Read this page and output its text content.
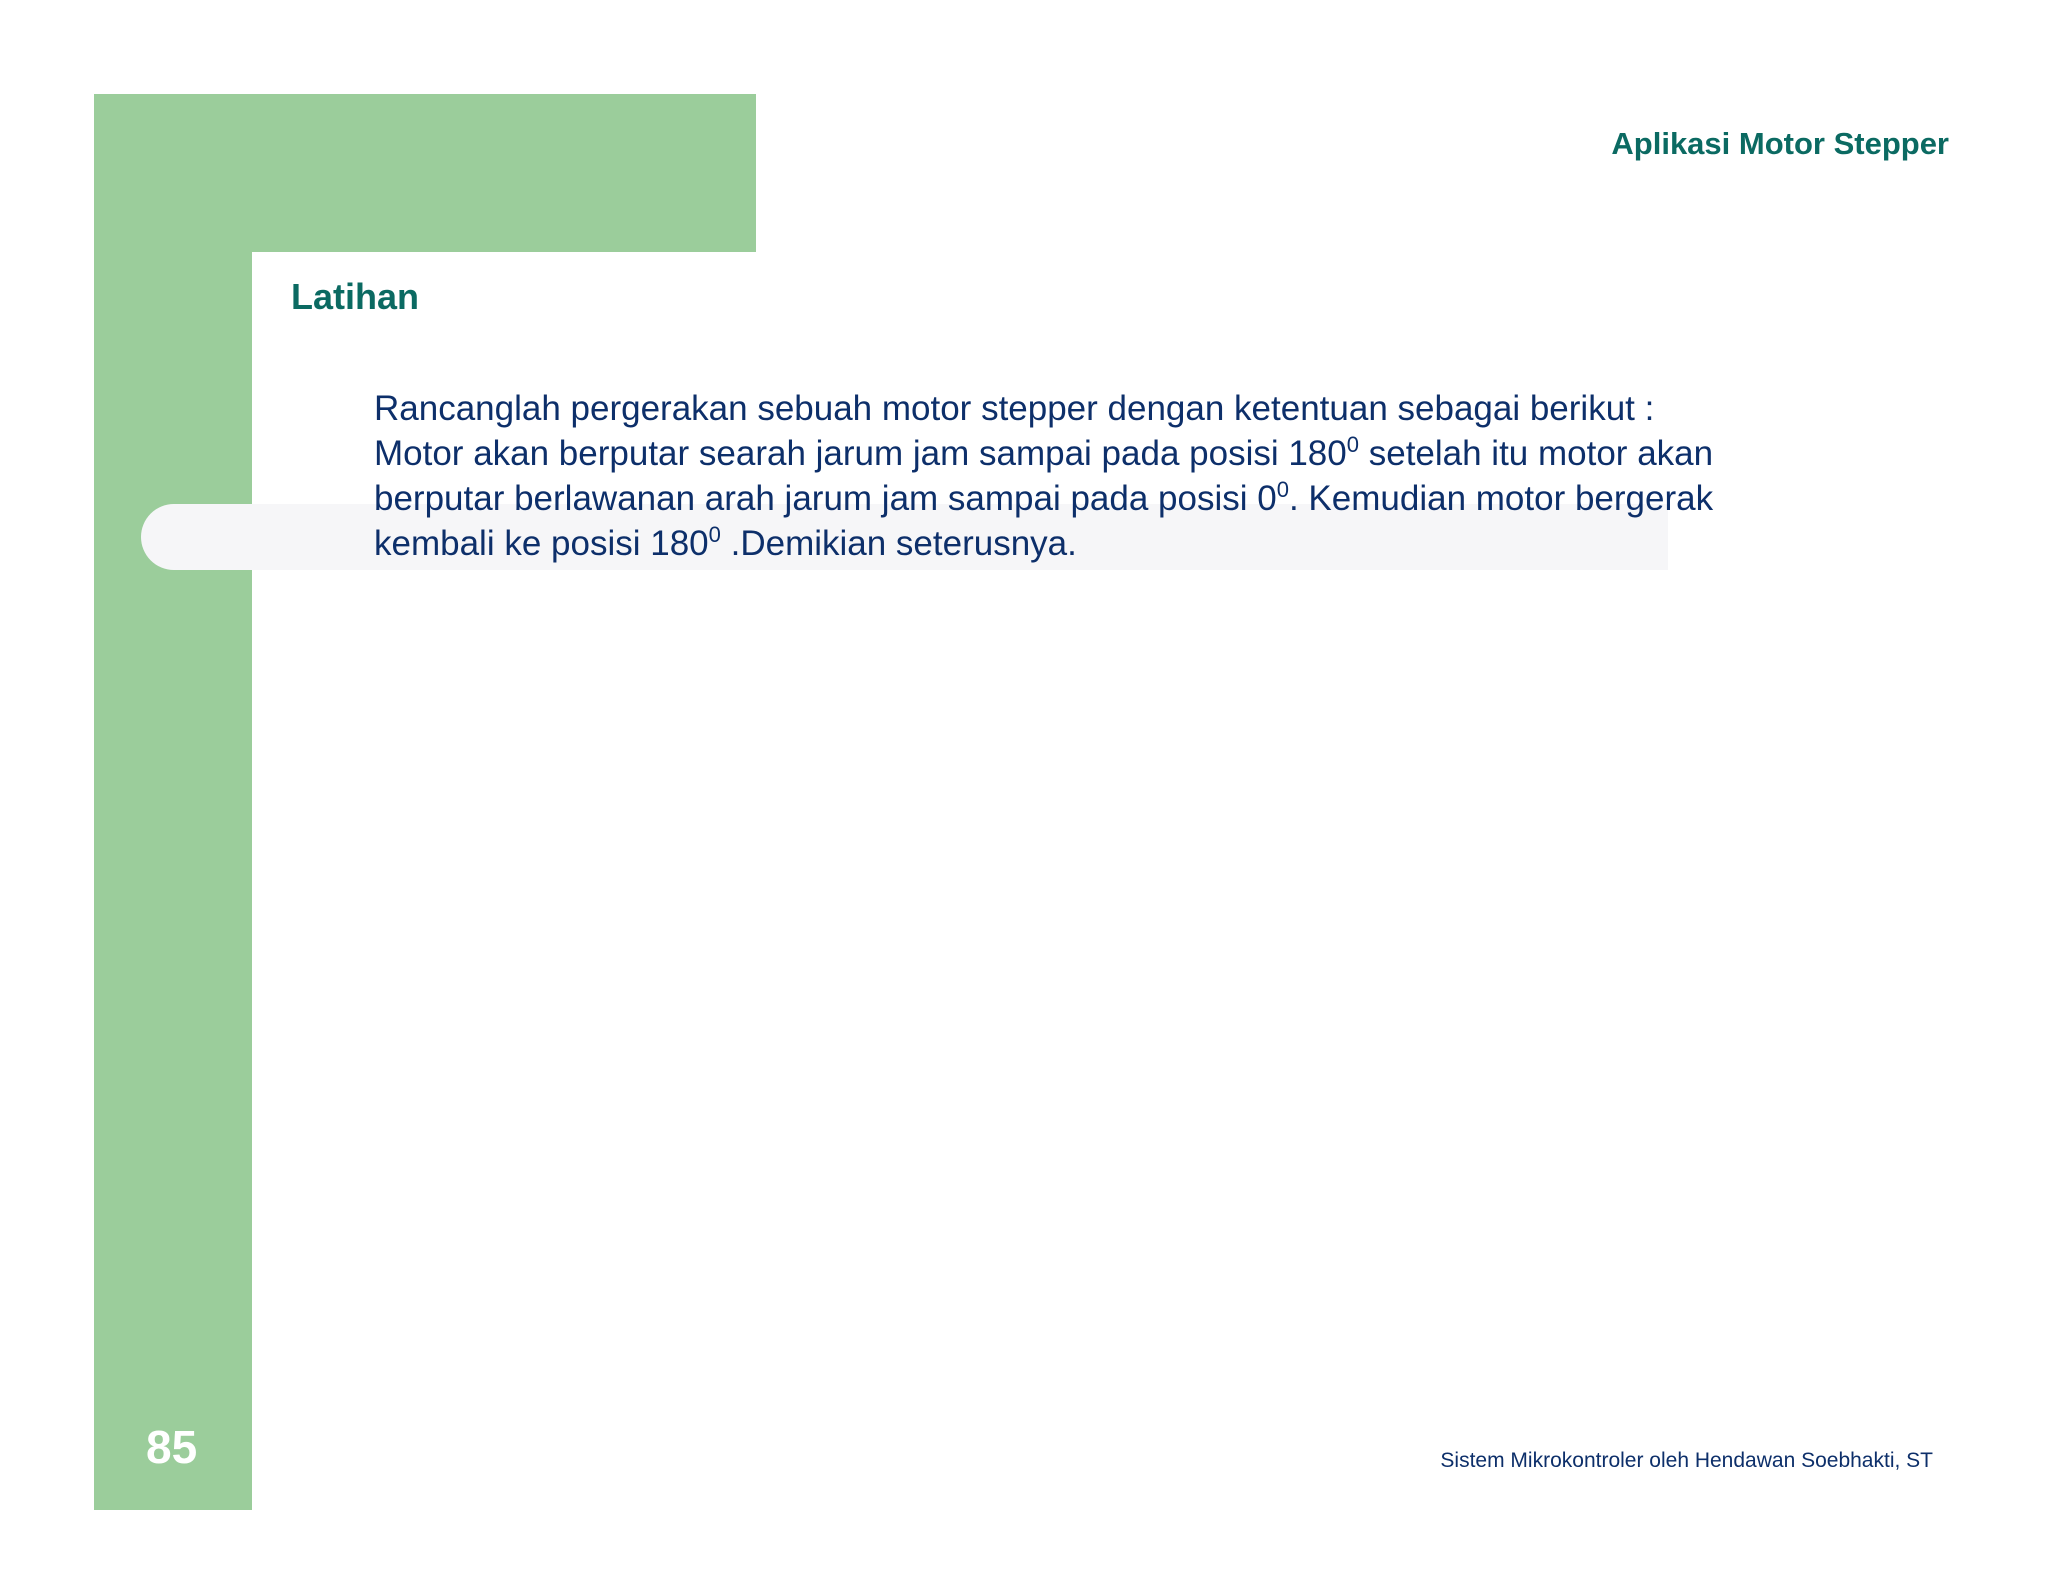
Aplikasi Motor Stepper
Latihan

Rancanglah pergerakan sebuah motor stepper dengan ketentuan sebagai berikut :

Motor akan berputar searah jarum jam sampai pada posisi $180^0$ setelah itu motor akan

berputar berlawanan arah jarum jam sampai pada posisi $0^0$. Kemudian motor bergerak

kembali ke posisi $180^0$ .Demikian seterusnya.

85	Sistem Mikrokontroler oleh Hendawan Soebhakti, ST
